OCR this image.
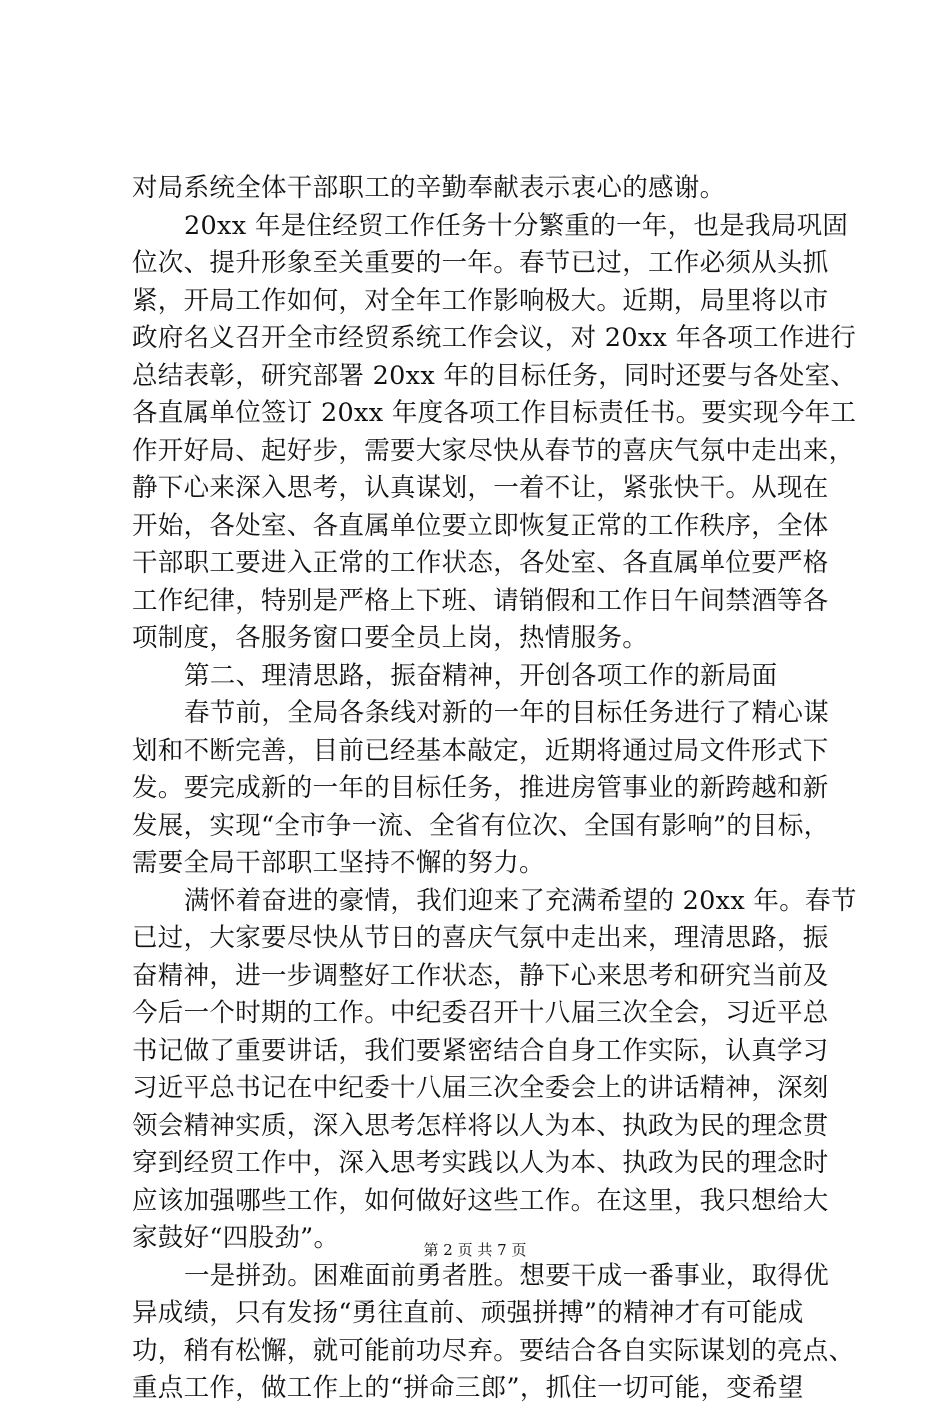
对局系统全体干部职工的辛勤奉献表示衷心的感谢。
20xx 年是住经贸工作任务十分繁重的一年，也是我局巩固
位次、提升形象至关重要的一年。春节已过，工作必须从头抓
紧，开局工作如何，对全年工作影响极大。近期，局里将以市
政府名义召开全市经贸系统工作会议，对 20xx 年各项工作进行
总结表彰，研究部署 20xx 年的目标任务，同时还要与各处室、
各直属单位签订 20xx 年度各项工作目标责任书。要实现今年工
作开好局、起好步，需要大家尽快从春节的喜庆气氛中走出来，
静下心来深入思考，认真谋划，一着不让，紧张快干。从现在
开始，各处室、各直属单位要立即恢复正常的工作秩序，全体
干部职工要进入正常的工作状态，各处室、各直属单位要严格
工作纪律，特别是严格上下班、请销假和工作日午间禁酒等各
项制度，各服务窗口要全员上岗，热情服务。
第二、理清思路，振奋精神，开创各项工作的新局面
春节前，全局各条线对新的一年的目标任务进行了精心谋
划和不断完善，目前已经基本敲定，近期将通过局文件形式下
发。要完成新的一年的目标任务，推进房管事业的新跨越和新
发展，实现“全市争一流、全省有位次、全国有影响”的目标，
需要全局干部职工坚持不懈的努力。
满怀着奋进的豪情，我们迎来了充满希望的 20xx 年。春节
已过，大家要尽快从节日的喜庆气氛中走出来，理清思路，振
奋精神，进一步调整好工作状态，静下心来思考和研究当前及
今后一个时期的工作。中纪委召开十八届三次全会，习近平总
书记做了重要讲话，我们要紧密结合自身工作实际，认真学习
习近平总书记在中纪委十八届三次全委会上的讲话精神，深刻
领会精神实质，深入思考怎样将以人为本、执政为民的理念贯
穿到经贸工作中，深入思考实践以人为本、执政为民的理念时
应该加强哪些工作，如何做好这些工作。在这里，我只想给大
家鼓好“四股劲”。
一是拼劲。困难面前勇者胜。想要干成一番事业，取得优
异成绩，只有发扬“勇往直前、顽强拼搏”的精神才有可能成
功，稍有松懈，就可能前功尽弃。要结合各自实际谋划的亮点、
重点工作，做工作上的“拼命三郎”，抓住一切可能，变希望
第 2 页 共 7 页
